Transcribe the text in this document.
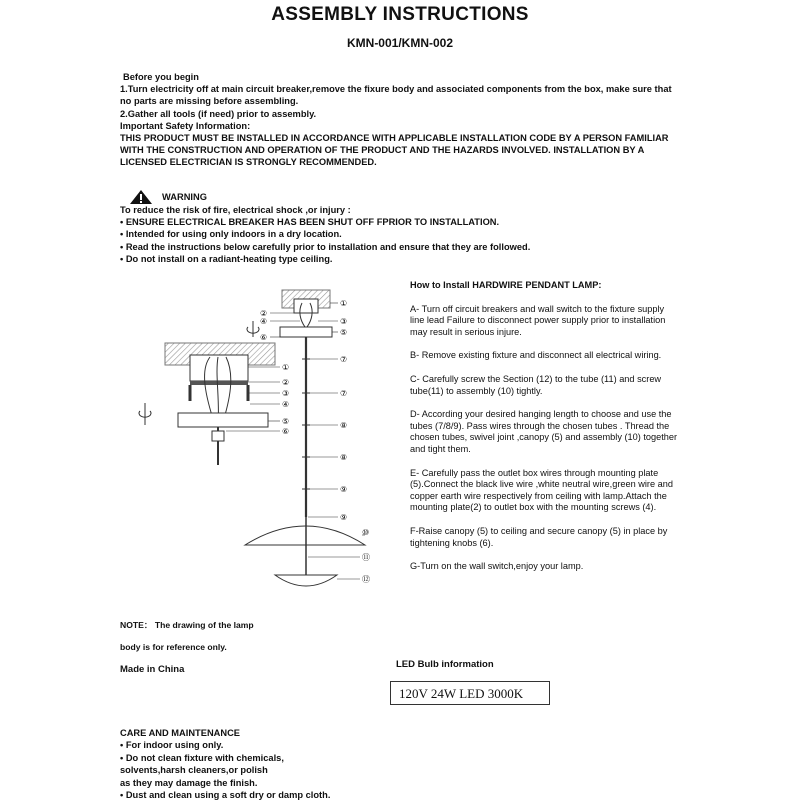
ASSEMBLY INSTRUCTIONS
KMN-001/KMN-002

Before you begin

1.Turn electricity off at main circuit breaker,remove the fixure body and associated components from the box, make sure that

no parts are missing before assembling.

2.Gather all tools (if need) prior to assembly.

Important Safety Information:

THIS PRODUCT MUST BE INSTALLED IN ACCORDANCE WITH APPLICABLE INSTALLATION CODE BY A PERSON FAMILIAR

WITH THE CONSTRUCTION AND OPERATION OF THE PRODUCT AND THE HAZARDS INVOLVED. INSTALLATION BY A

LICENSED ELECTRICIAN IS STRONGLY RECOMMENDED.

WARNING

To reduce the risk of fire, electrical shock ,or injury :

• ENSURE ELECTRICAL BREAKER HAS BEEN SHUT OFF FPRIOR TO INSTALLATION.

• Intended for using only indoors in a dry location.

• Read the instructions below carefully prior to installation and ensure that they are followed.

• Do not install on a radiant-heating type ceiling.

①
②
③
④
⑤
⑥
①
②
④	③
⑤
⑥
⑦
⑦
⑧
⑧
⑨
⑨
⑩
⑪
⑫
How to Install HARDWIRE PENDANT LAMP:
A- Turn off circuit breakers and wall switch to the fixture supply line lead Failure to disconnect power supply prior to installation may result in serious injure.
B- Remove existing fixture and disconnect all electrical wiring.
C- Carefully screw the Section (12) to the tube (11) and screw tube(11) to assembly (10) tightly.
D- According your desired hanging length to choose and use the tubes (7/8/9). Pass wires through the chosen tubes . Thread the chosen tubes, swivel joint ,canopy (5) and assembly (10) together and tight them.
E- Carefully pass the outlet box wires through mounting plate (5).Connect the black live wire ,white neutral wire,green wire and copper earth wire respectively from ceiling with lamp.Attach the mounting plate(2) to outlet box with the mounting screws (4).
F-Raise canopy (5) to ceiling and secure canopy (5) in place by tightening knobs (6).
G-Turn on the wall switch,enjoy your lamp.
NOTE： The drawing of the lamp
body is for reference only.
Made in China	LED Bulb information
120V 24W LED 3000K

CARE AND MAINTENANCE

• For indoor using only.

• Do not clean fixture with chemicals,

solvents,harsh cleaners,or polish

as they may damage the finish.

• Dust and clean using a soft dry or damp cloth.
